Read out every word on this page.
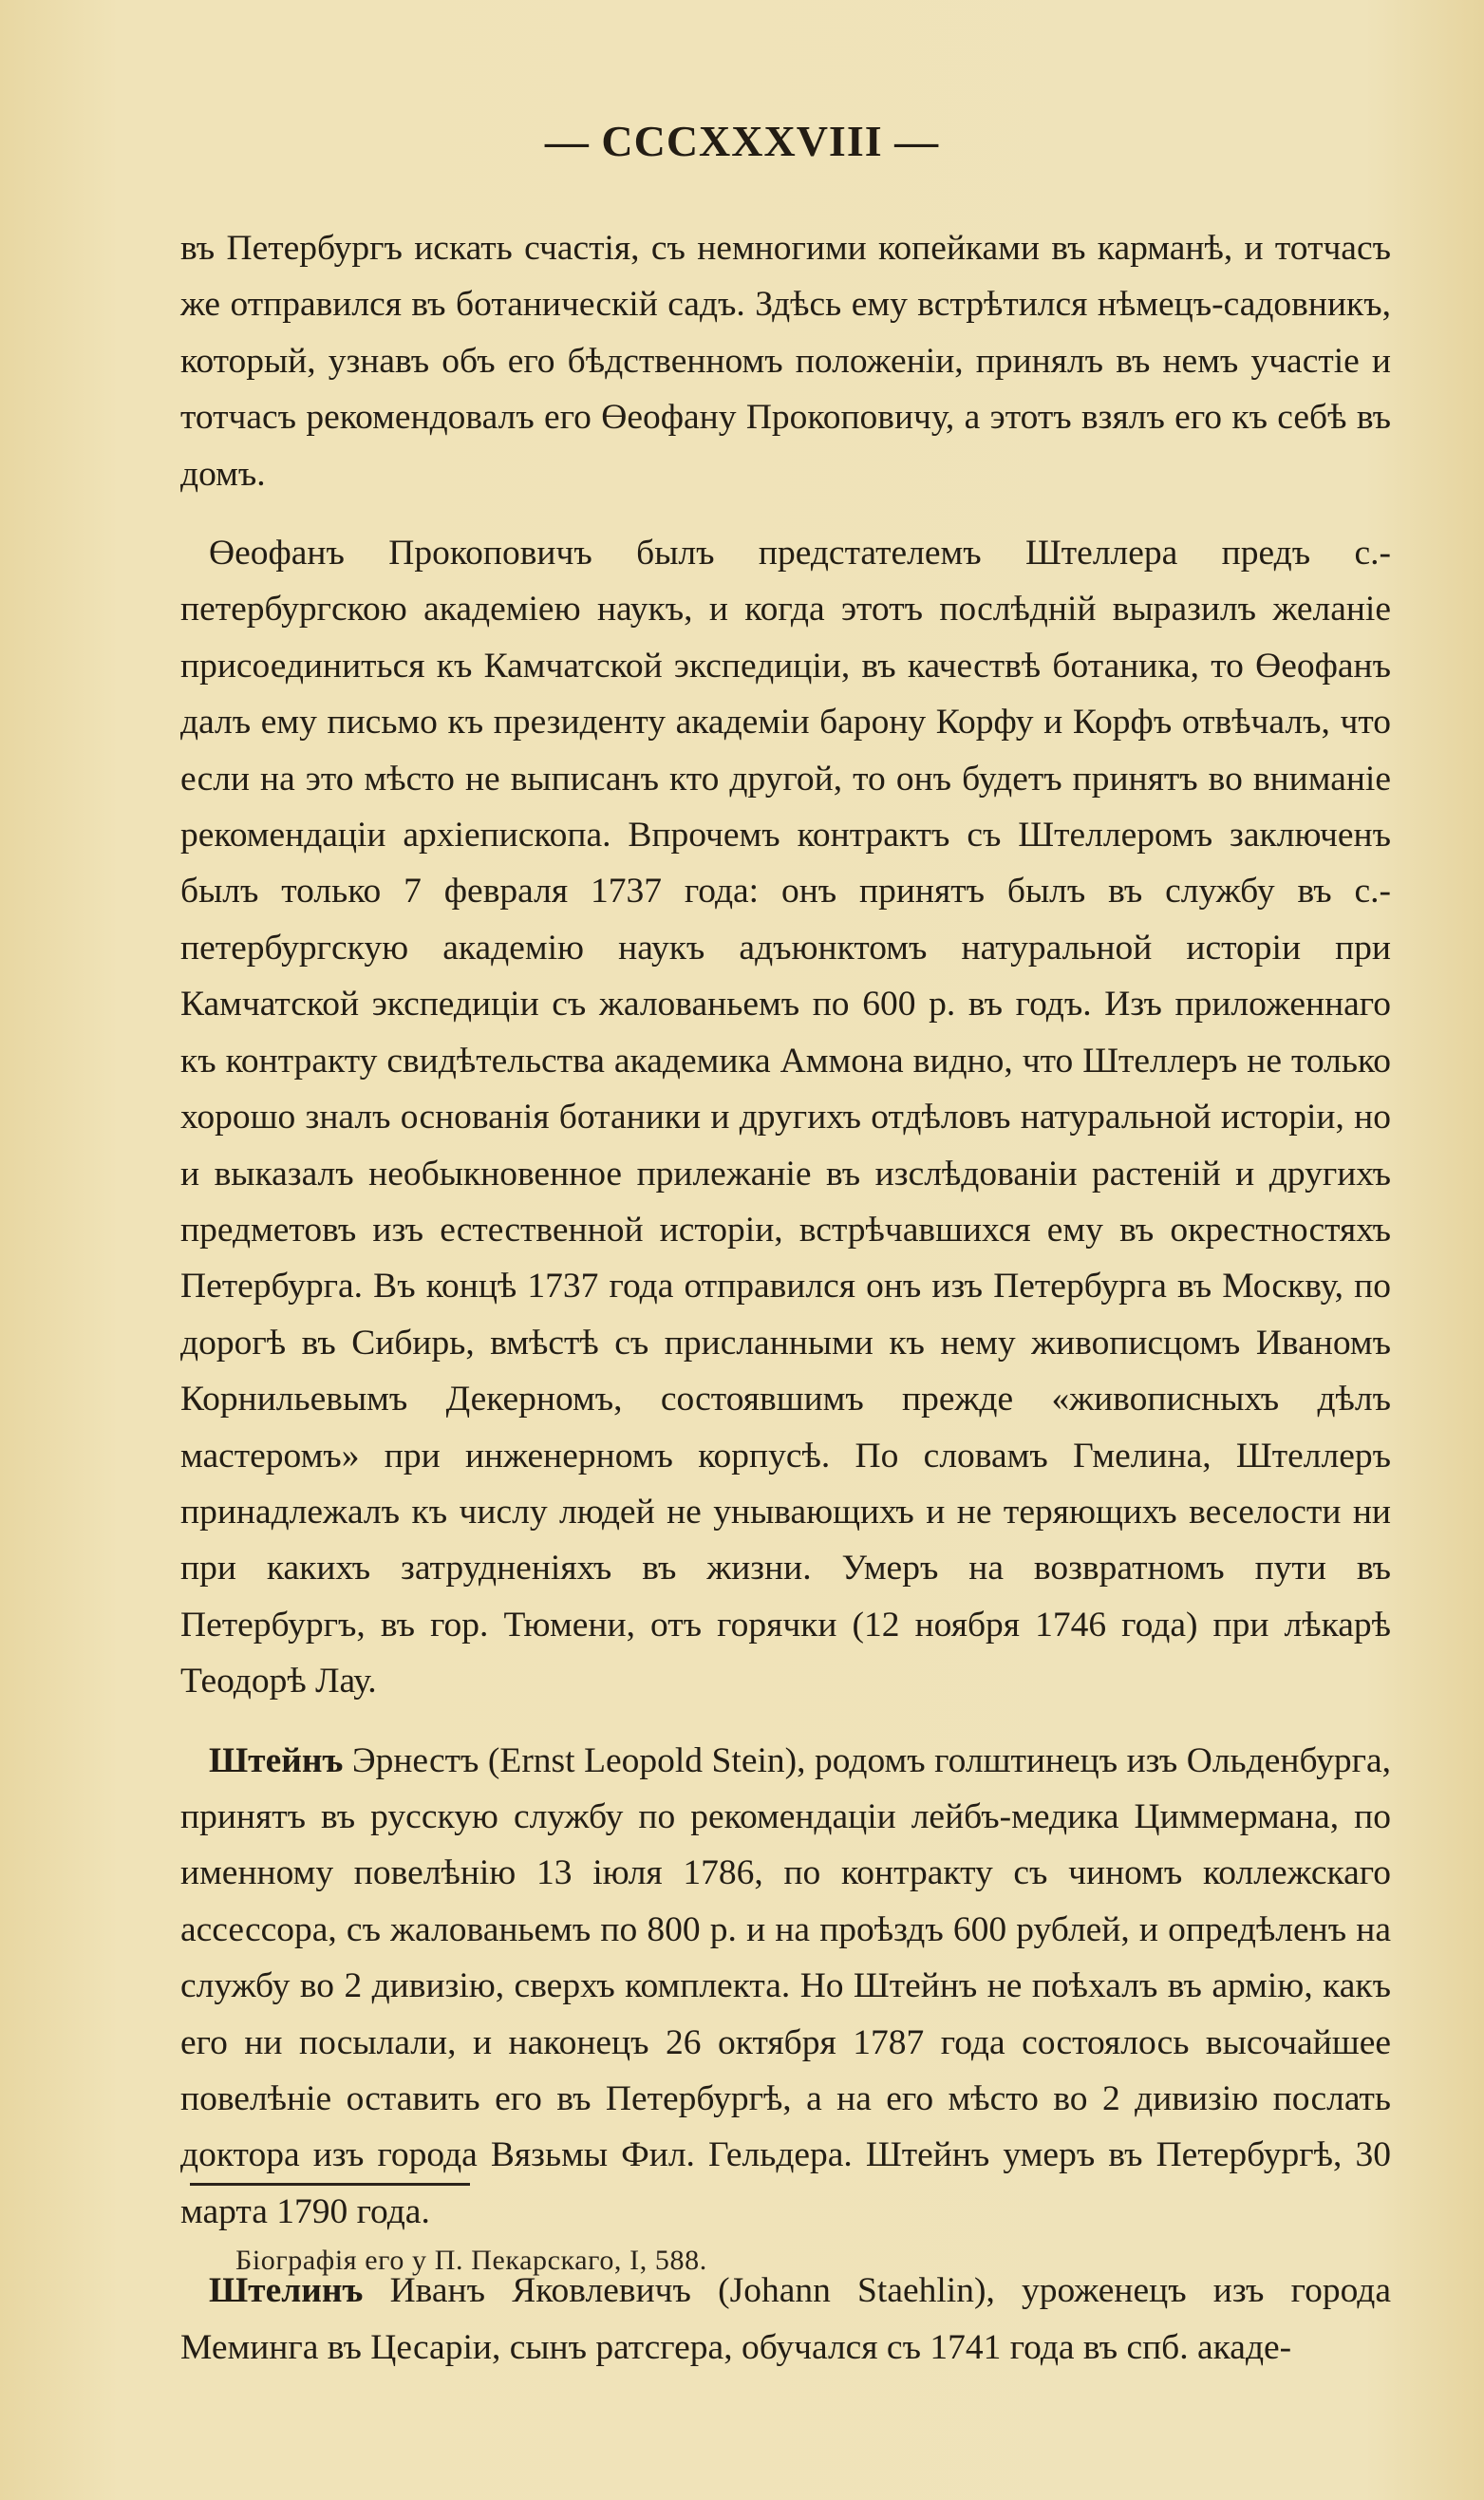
— CCCXXXVIII —

въ Петербургъ искать счастія, съ немногими копейками въ карманѣ, и тотчасъ же отправился въ ботаническій садъ. Здѣсь ему встрѣтился нѣмецъ-садовникъ, который, узнавъ объ его бѣдственномъ положеніи, принялъ въ немъ участіе и тотчасъ рекомендовалъ его Өеофану Прокоповичу, а этотъ взялъ его къ себѣ въ домъ.

Өеофанъ Прокоповичъ былъ предстателемъ Штеллера предъ с.-петербургскою академіею наукъ, и когда этотъ послѣдній выразилъ желаніе присоединиться къ Камчатской экспедиціи, въ качествѣ ботаника, то Өеофанъ далъ ему письмо къ президенту академіи барону Корфу и Корфъ отвѣчалъ, что если на это мѣсто не выписанъ кто другой, то онъ будетъ принятъ во вниманіе рекомендаціи архіепископа. Впрочемъ контрактъ съ Штеллеромъ заключенъ былъ только 7 февраля 1737 года: онъ принятъ былъ въ службу въ с.-петербургскую академію наукъ адъюнктомъ натуральной исторіи при Камчатской экспедиціи съ жалованьемъ по 600 р. въ годъ. Изъ приложеннаго къ контракту свидѣтельства академика Аммона видно, что Штеллеръ не только хорошо зналъ основанія ботаники и другихъ отдѣловъ натуральной исторіи, но и выказалъ необыкновенное прилежаніе въ изслѣдованіи растеній и другихъ предметовъ изъ естественной исторіи, встрѣчавшихся ему въ окрестностяхъ Петербурга. Въ концѣ 1737 года отправился онъ изъ Петербурга въ Москву, по дорогѣ въ Сибирь, вмѣстѣ съ присланными къ нему живописцомъ Иваномъ Корнильевымъ Декерномъ, состоявшимъ прежде «живописныхъ дѣлъ мастеромъ» при инженерномъ корпусѣ. По словамъ Гмелина, Штеллеръ принадлежалъ къ числу людей не унывающихъ и не теряющихъ веселости ни при какихъ затрудненіяхъ въ жизни. Умеръ на возвратномъ пути въ Петербургъ, въ гор. Тюмени, отъ горячки (12 ноября 1746 года) при лѣкарѣ Теодорѣ Лау.

Штейнъ Эрнестъ (Ernst Leopold Stein), родомъ голштинецъ изъ Ольденбурга, принятъ въ русскую службу по рекомендаціи лейбъ-медика Циммермана, по именному повелѣнію 13 іюля 1786, по контракту съ чиномъ коллежскаго ассессора, съ жалованьемъ по 800 р. и на проѣздъ 600 рублей, и опредѣленъ на службу во 2 дивизію, сверхъ комплекта. Но Штейнъ не поѣхалъ въ армію, какъ его ни посылали, и наконецъ 26 октября 1787 года состоялось высочайшее повелѣніе оставить его въ Петербургѣ, а на его мѣсто во 2 дивизію послать доктора изъ города Вязьмы Фил. Гельдера. Штейнъ умеръ въ Петербургѣ, 30 марта 1790 года.

Штелинъ Иванъ Яковлевичъ (Johann Staehlin), уроженецъ изъ города Меминга въ Цесаріи, сынъ ратсгера, обучался съ 1741 года въ спб. акаде-

Біографія его у П. Пекарскаго, I, 588.
